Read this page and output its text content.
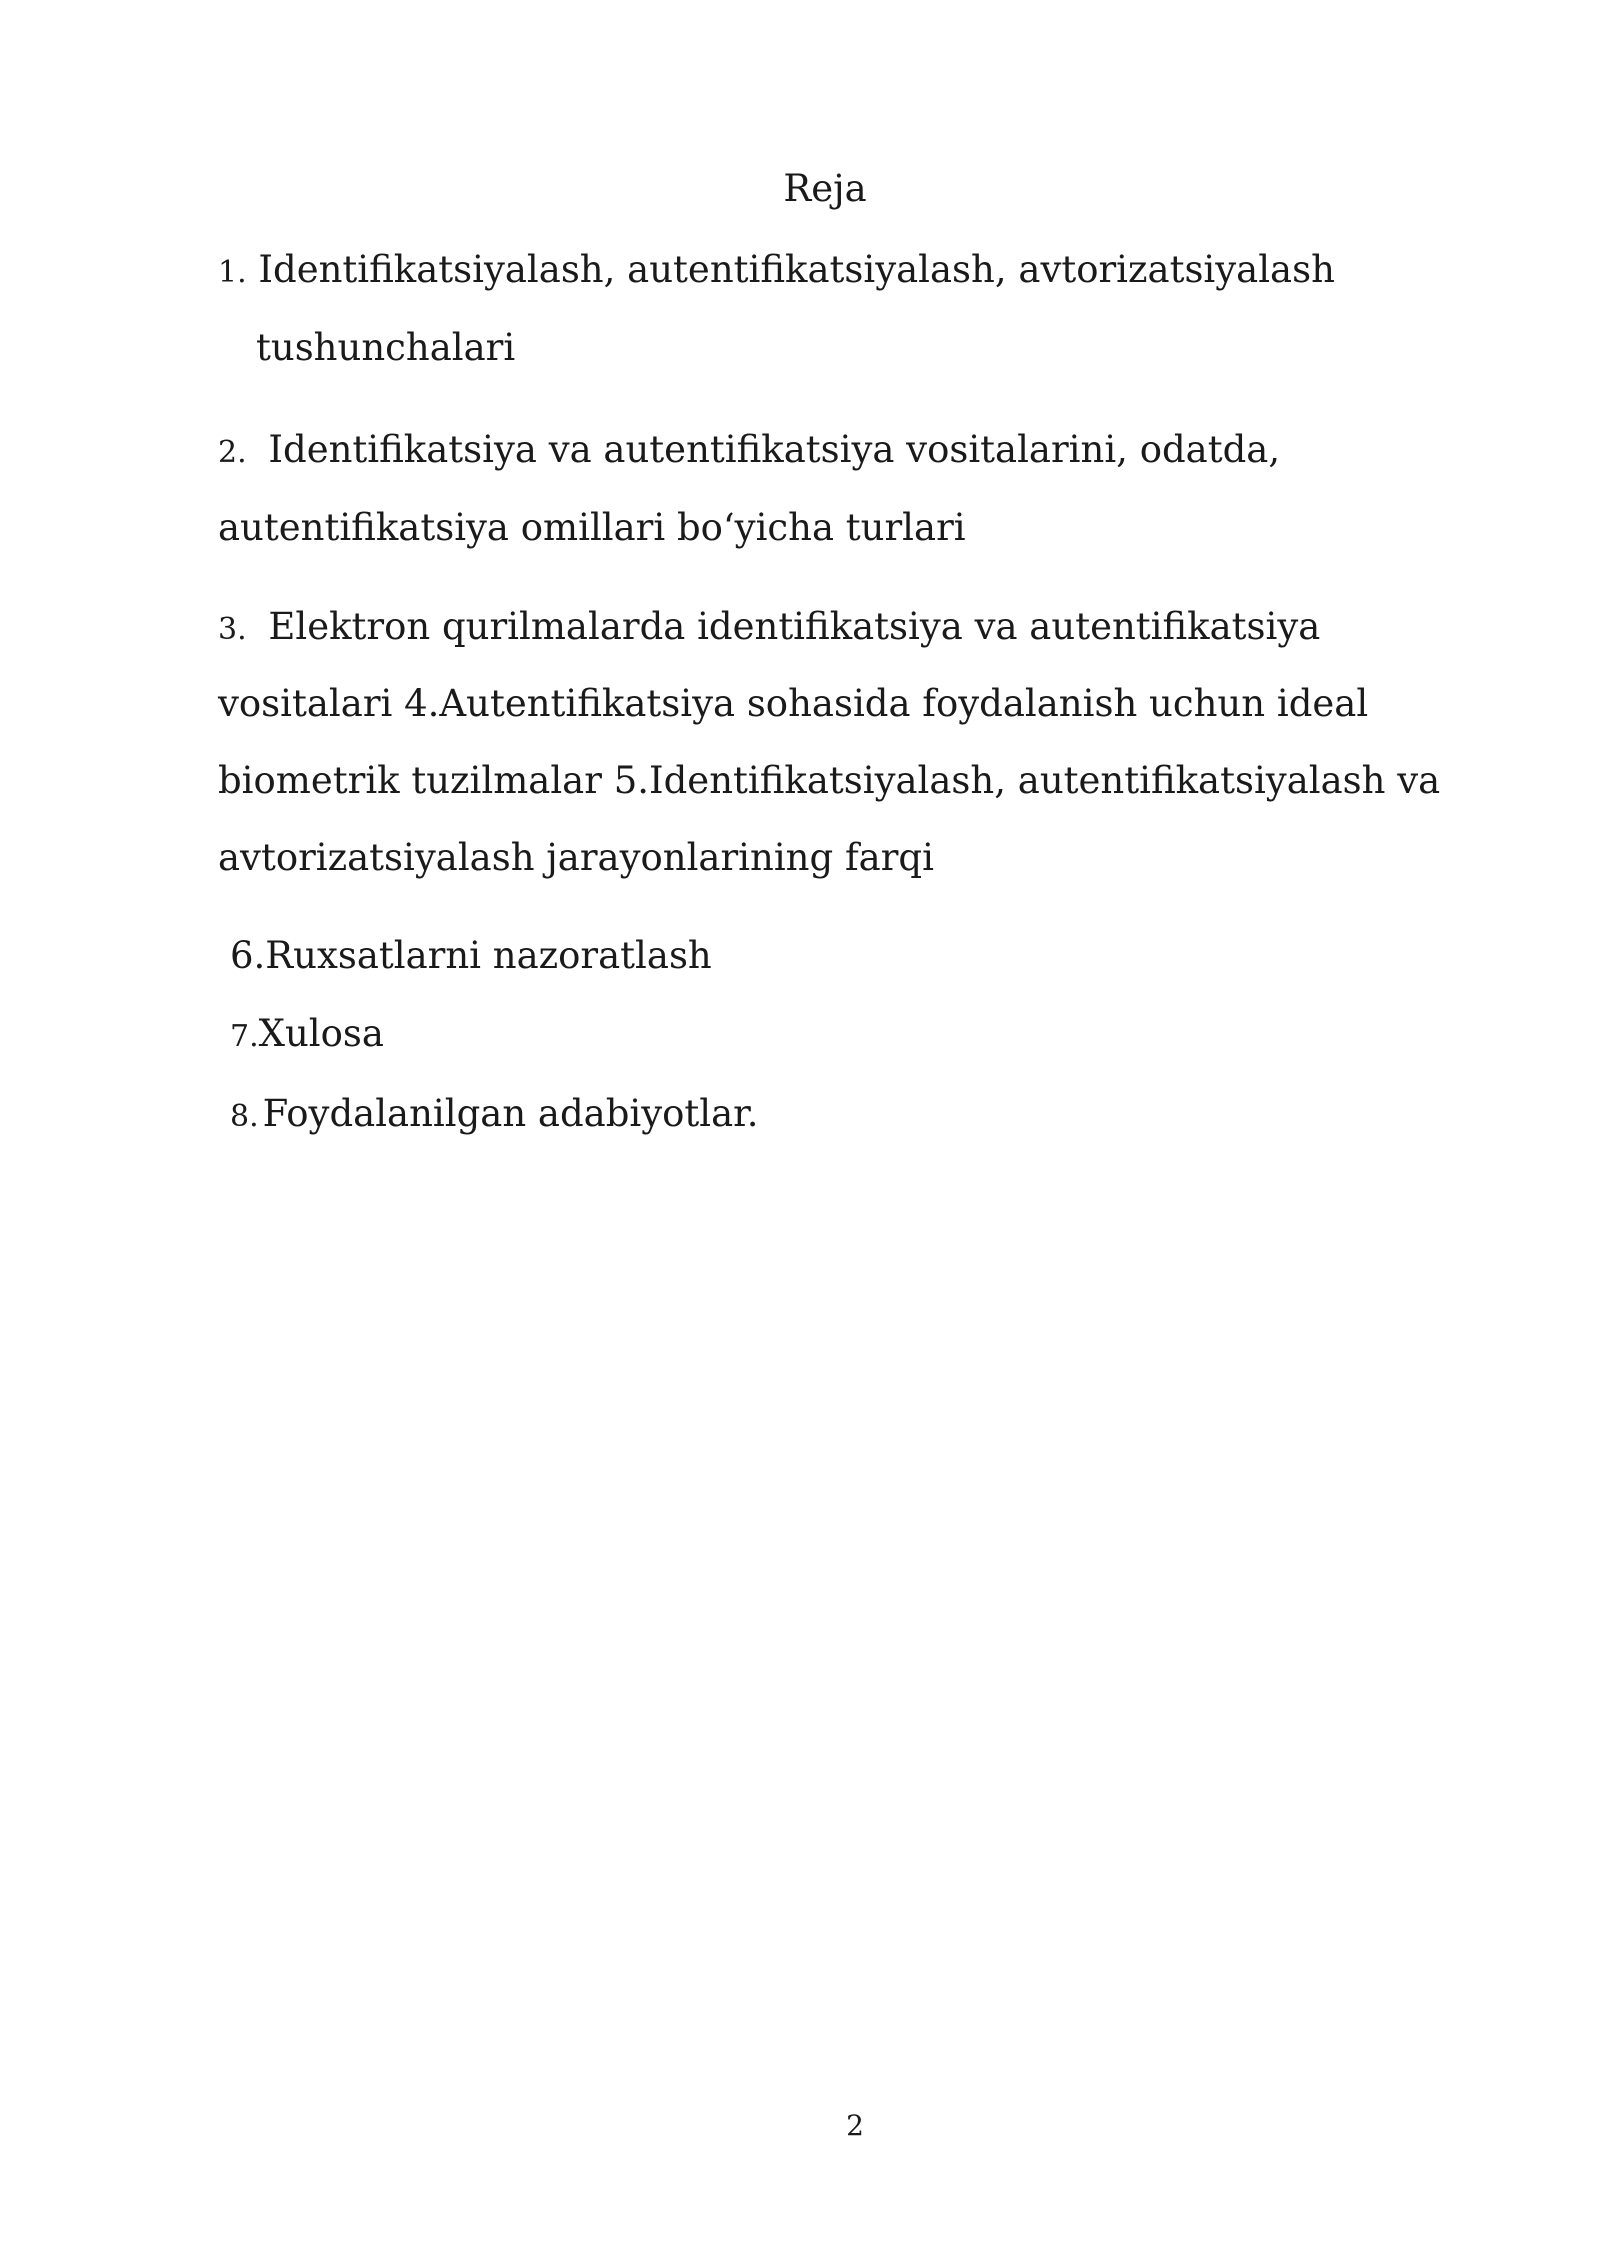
Reja
1. Identifikatsiyalash, autentifikatsiyalash, avtorizatsiyalash
tushunchalari
2. Identifikatsiya va autentifikatsiya vositalarini, odatda,
autentifikatsiya omillari bo‘yicha turlari
3. Elektron qurilmalarda identifikatsiya va autentifikatsiya
vositalari 4.Autentifikatsiya sohasida foydalanish uchun ideal
biometrik tuzilmalar 5.Identifikatsiyalash, autentifikatsiyalash va
avtorizatsiyalash jarayonlarining farqi
6.Ruxsatlarni nazoratlash
7.Xulosa
8. Foydalanilgan adabiyotlar.
2
